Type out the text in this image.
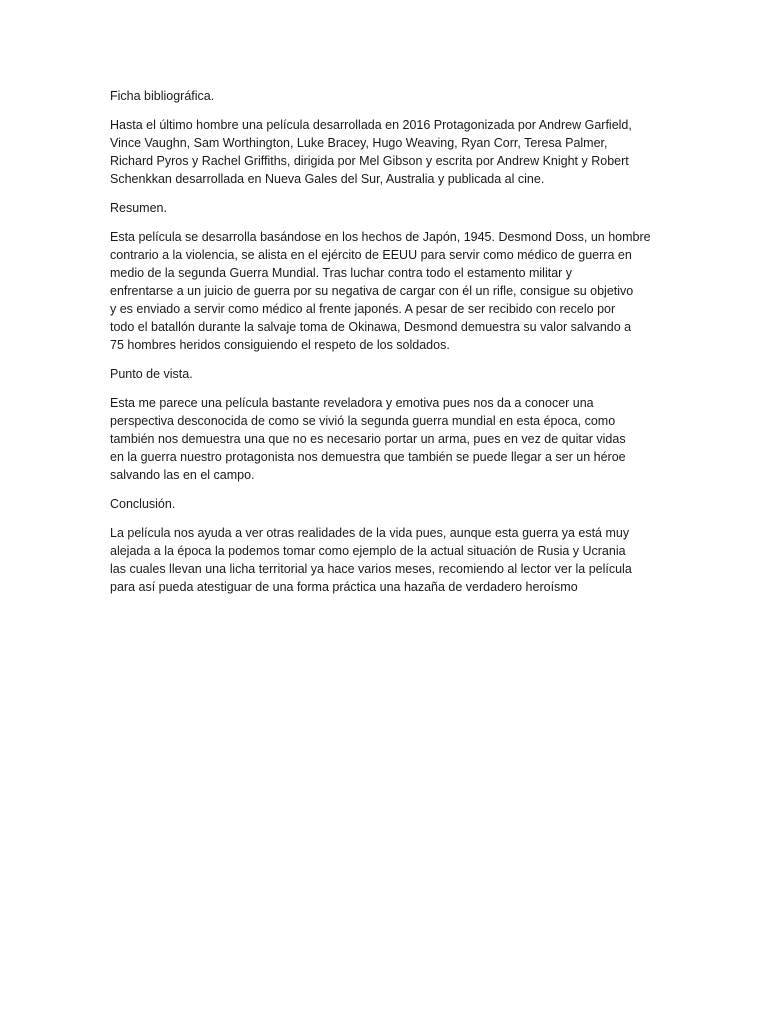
Ficha bibliográfica.

Hasta el último hombre una película desarrollada en 2016 Protagonizada por Andrew Garfield,
Vince Vaughn, Sam Worthington, Luke Bracey, Hugo Weaving, Ryan Corr, Teresa Palmer,
Richard Pyros y Rachel Griffiths, dirigida por Mel Gibson y escrita por Andrew Knight y Robert
Schenkkan desarrollada en Nueva Gales del Sur, Australia y publicada al cine.

Resumen.

Esta película se desarrolla basándose en los hechos de Japón, 1945. Desmond Doss, un hombre
contrario a la violencia, se alista en el ejército de EEUU para servir como médico de guerra en
medio de la segunda Guerra Mundial. Tras luchar contra todo el estamento militar y
enfrentarse a un juicio de guerra por su negativa de cargar con él un rifle, consigue su objetivo
y es enviado a servir como médico al frente japonés. A pesar de ser recibido con recelo por
todo el batallón durante la salvaje toma de Okinawa, Desmond demuestra su valor salvando a
75 hombres heridos consiguiendo el respeto de los soldados.

Punto de vista.

Esta me parece una película bastante reveladora y emotiva pues nos da a conocer una
perspectiva desconocida de como se vivió la segunda guerra mundial en esta época, como
también nos demuestra una que no es necesario portar un arma, pues en vez de quitar vidas
en la guerra nuestro protagonista nos demuestra que también se puede llegar a ser un héroe
salvando las en el campo.

Conclusión.

La película nos ayuda a ver otras realidades de la vida pues, aunque esta guerra ya está muy
alejada a la época la podemos tomar como ejemplo de la actual situación de Rusia y Ucrania
las cuales llevan una licha territorial ya hace varios meses, recomiendo al lector ver la película
para así pueda atestiguar de una forma práctica una hazaña de verdadero heroísmo
